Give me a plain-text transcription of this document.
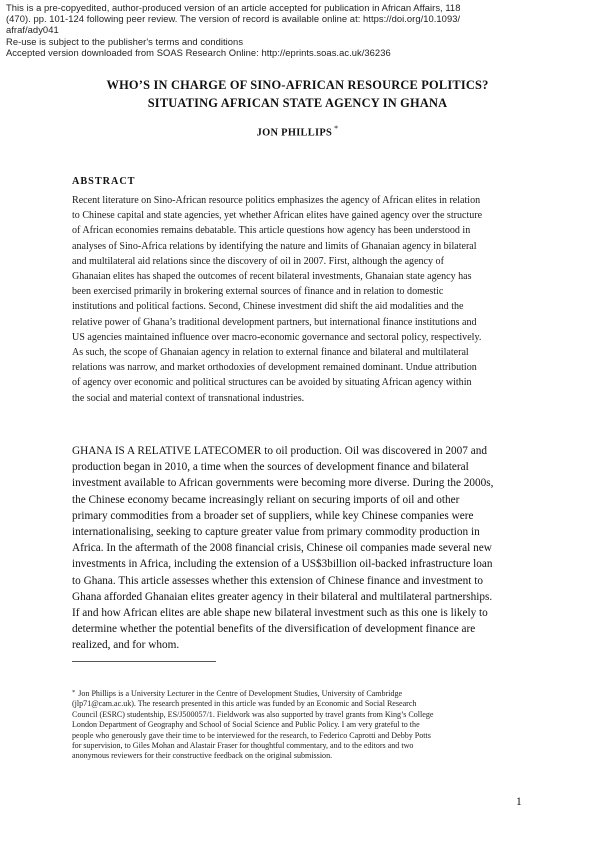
This is a pre-copyedited, author-produced version of an article accepted for publication in African Affairs, 118
(470). pp. 101-124 following peer review. The version of record is available online at: https://doi.org/10.1093/
afraf/ady041
Re-use is subject to the publisher's terms and conditions
Accepted version downloaded from SOAS Research Online: http://eprints.soas.ac.uk/36236
WHO’S IN CHARGE OF SINO-AFRICAN RESOURCE POLITICS?
SITUATING AFRICAN STATE AGENCY IN GHANA
JON PHILLIPS *
ABSTRACT
Recent literature on Sino-African resource politics emphasizes the agency of African elites in relation
to Chinese capital and state agencies, yet whether African elites have gained agency over the structure
of African economies remains debatable. This article questions how agency has been understood in
analyses of Sino-Africa relations by identifying the nature and limits of Ghanaian agency in bilateral
and multilateral aid relations since the discovery of oil in 2007. First, although the agency of
Ghanaian elites has shaped the outcomes of recent bilateral investments, Ghanaian state agency has
been exercised primarily in brokering external sources of finance and in relation to domestic
institutions and political factions. Second, Chinese investment did shift the aid modalities and the
relative power of Ghana’s traditional development partners, but international finance institutions and
US agencies maintained influence over macro-economic governance and sectoral policy, respectively.
As such, the scope of Ghanaian agency in relation to external finance and bilateral and multilateral
relations was narrow, and market orthodoxies of development remained dominant. Undue attribution
of agency over economic and political structures can be avoided by situating African agency within
the social and material context of transnational industries.
GHANA IS A RELATIVE LATECOMER to oil production. Oil was discovered in 2007 and
production began in 2010, a time when the sources of development finance and bilateral
investment available to African governments were becoming more diverse. During the 2000s,
the Chinese economy became increasingly reliant on securing imports of oil and other
primary commodities from a broader set of suppliers, while key Chinese companies were
internationalising, seeking to capture greater value from primary commodity production in
Africa. In the aftermath of the 2008 financial crisis, Chinese oil companies made several new
investments in Africa, including the extension of a US$3billion oil-backed infrastructure loan
to Ghana. This article assesses whether this extension of Chinese finance and investment to
Ghana afforded Ghanaian elites greater agency in their bilateral and multilateral partnerships.
If and how African elites are able shape new bilateral investment such as this one is likely to
determine whether the potential benefits of the diversification of development finance are
realized, and for whom.
* Jon Phillips is a University Lecturer in the Centre of Development Studies, University of Cambridge
(jlp71@cam.ac.uk). The research presented in this article was funded by an Economic and Social Research
Council (ESRC) studentship, ES/J500057/1. Fieldwork was also supported by travel grants from King’s College
London Department of Geography and School of Social Science and Public Policy. I am very grateful to the
people who generously gave their time to be interviewed for the research, to Federico Caprotti and Debby Potts
for supervision, to Giles Mohan and Alastair Fraser for thoughtful commentary, and to the editors and two
anonymous reviewers for their constructive feedback on the original submission.
1
